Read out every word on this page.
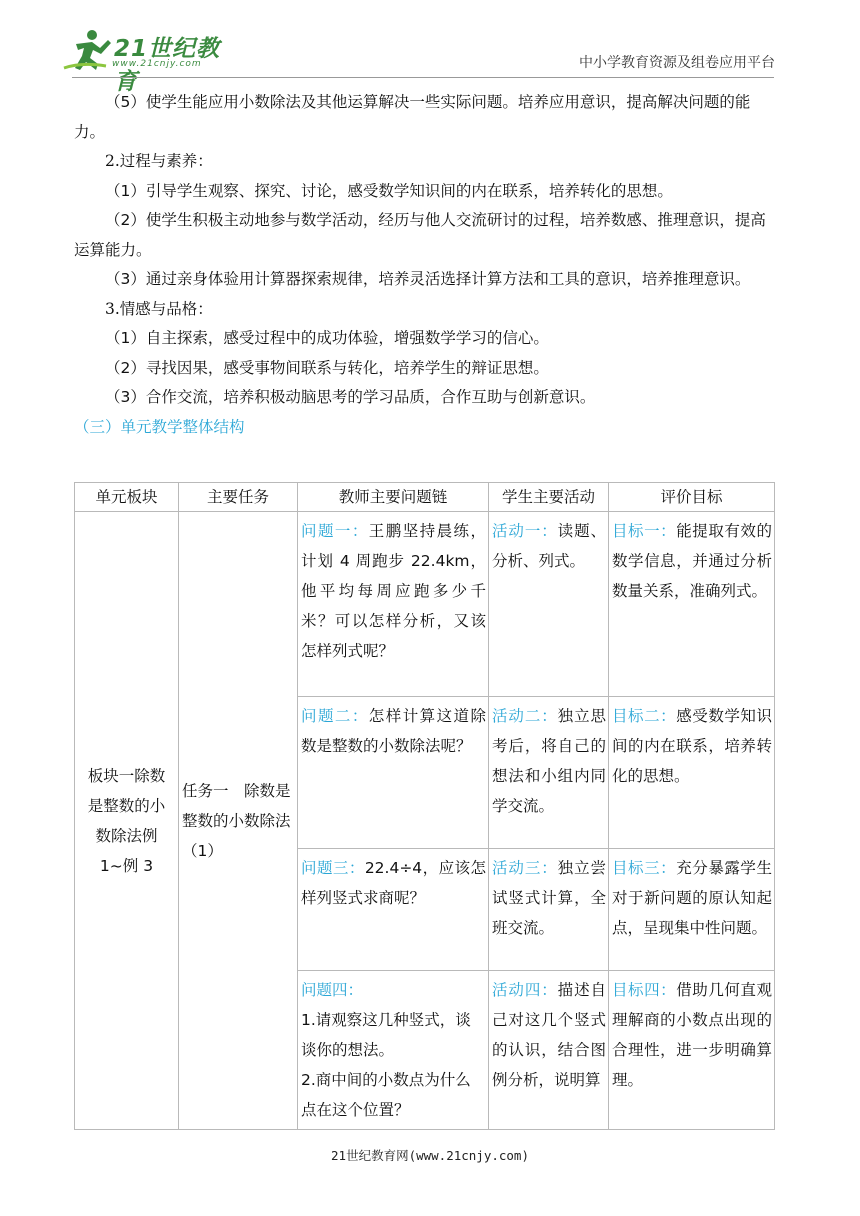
21世纪教育
www.21cnjy.com	中小学教育资源及组卷应用平台

（5）使学生能应用小数除法及其他运算解决一些实际问题。培养应用意识，提高解决问题的能力。

2.过程与素养：

（1）引导学生观察、探究、讨论，感受数学知识间的内在联系，培养转化的思想。

（2）使学生积极主动地参与数学活动，经历与他人交流研讨的过程，培养数感、推理意识，提高运算能力。

（3）通过亲身体验用计算器探索规律，培养灵活选择计算方法和工具的意识，培养推理意识。

3.情感与品格：

（1）自主探索，感受过程中的成功体验，增强数学学习的信心。

（2）寻找因果，感受事物间联系与转化，培养学生的辩证思想。

（3）合作交流，培养积极动脑思考的学习品质，合作互助与创新意识。

（三）单元教学整体结构

单元板块	主要任务	教师主要问题链	学生主要活动	评价目标
板块一除数是整数的小数除法例 1~例 3	任务一　除数是整数的小数除法（1）	问题一：王鹏坚持晨练，计划 4 周跑步 22.4km，他平均每周应跑多少千米？可以怎样分析，又该怎样列式呢？	活动一：读题、分析、列式。	目标一：能提取有效的数学信息，并通过分析数量关系，准确列式。
		问题二：怎样计算这道除数是整数的小数除法呢？	活动二：独立思考后，将自己的想法和小组内同学交流。	目标二：感受数学知识间的内在联系，培养转化的思想。
		问题三：22.4÷4，应该怎样列竖式求商呢？	活动三：独立尝试竖式计算，全班交流。	目标三：充分暴露学生对于新问题的原认知起点，呈现集中性问题。

		问题四：
1.请观察这几种竖式，谈谈你的想法。
2.商中间的小数点为什么点在这个位置？	活动四：描述自己对这几个竖式的认识，结合图例分析，说明算	目标四：借助几何直观理解商的小数点出现的合理性，进一步明确算理。
21世纪教育网(www.21cnjy.com)
